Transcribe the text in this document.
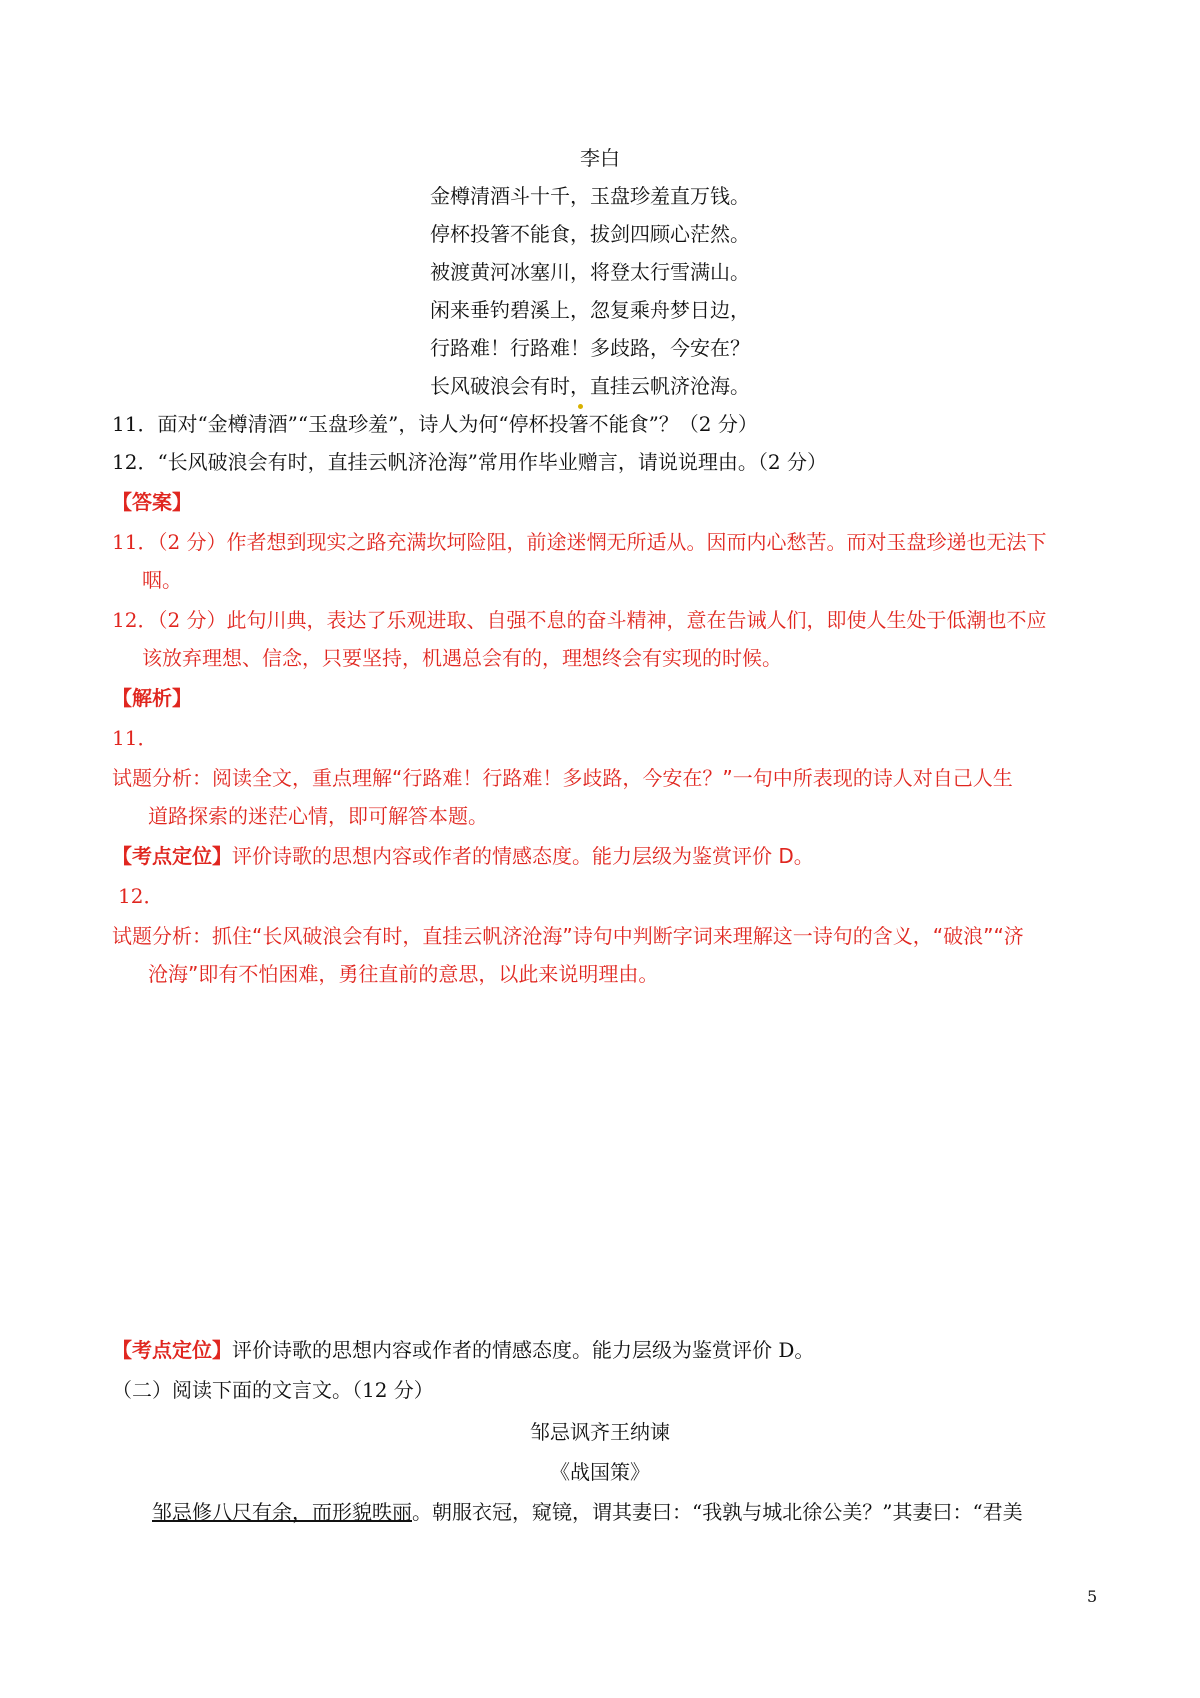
李白
金樽清酒斗十千，玉盘珍羞直万钱。
停杯投箸不能食，拔剑四顾心茫然。
被渡黄河冰塞川，将登太行雪满山。
闲来垂钓碧溪上，忽复乘舟梦日边，
行路难！行路难！多歧路，今安在？
长风破浪会有时，直挂云帆济沧海。
11．面对“金樽清酒”“玉盘珍羞”，诗人为何“停杯投箸不能食”？（2 分）
12．“长风破浪会有时，直挂云帆济沧海”常用作毕业赠言，请说说理由。（2 分）
【答案】
11．（2 分）作者想到现实之路充满坎坷险阻，前途迷惘无所适从。因而内心愁苦。而对玉盘珍递也无法下
咽。
12．（2 分）此句川典，表达了乐观进取、自强不息的奋斗精神，意在告诫人们，即使人生处于低潮也不应
该放弃理想、信念，只要坚持，机遇总会有的，理想终会有实现的时候。
【解析】
11．
试题分析：阅读全文，重点理解“行路难！行路难！多歧路，今安在？”一句中所表现的诗人对自己人生
道路探索的迷茫心情，即可解答本题。
【考点定位】评价诗歌的思想内容或作者的情感态度。能力层级为鉴赏评价 D。
12．
试题分析：抓住“长风破浪会有时，直挂云帆济沧海”诗句中判断字词来理解这一诗句的含义，“破浪”“济
沧海”即有不怕困难，勇往直前的意思，以此来说明理由。
【考点定位】评价诗歌的思想内容或作者的情感态度。能力层级为鉴赏评价 D。
（二）阅读下面的文言文。（12 分）
邹忌讽齐王纳谏
《战国策》
邹忌修八尺有余，而形貌昳丽。朝服衣冠，窥镜，谓其妻曰：“我孰与城北徐公美？”其妻曰：“君美
5
